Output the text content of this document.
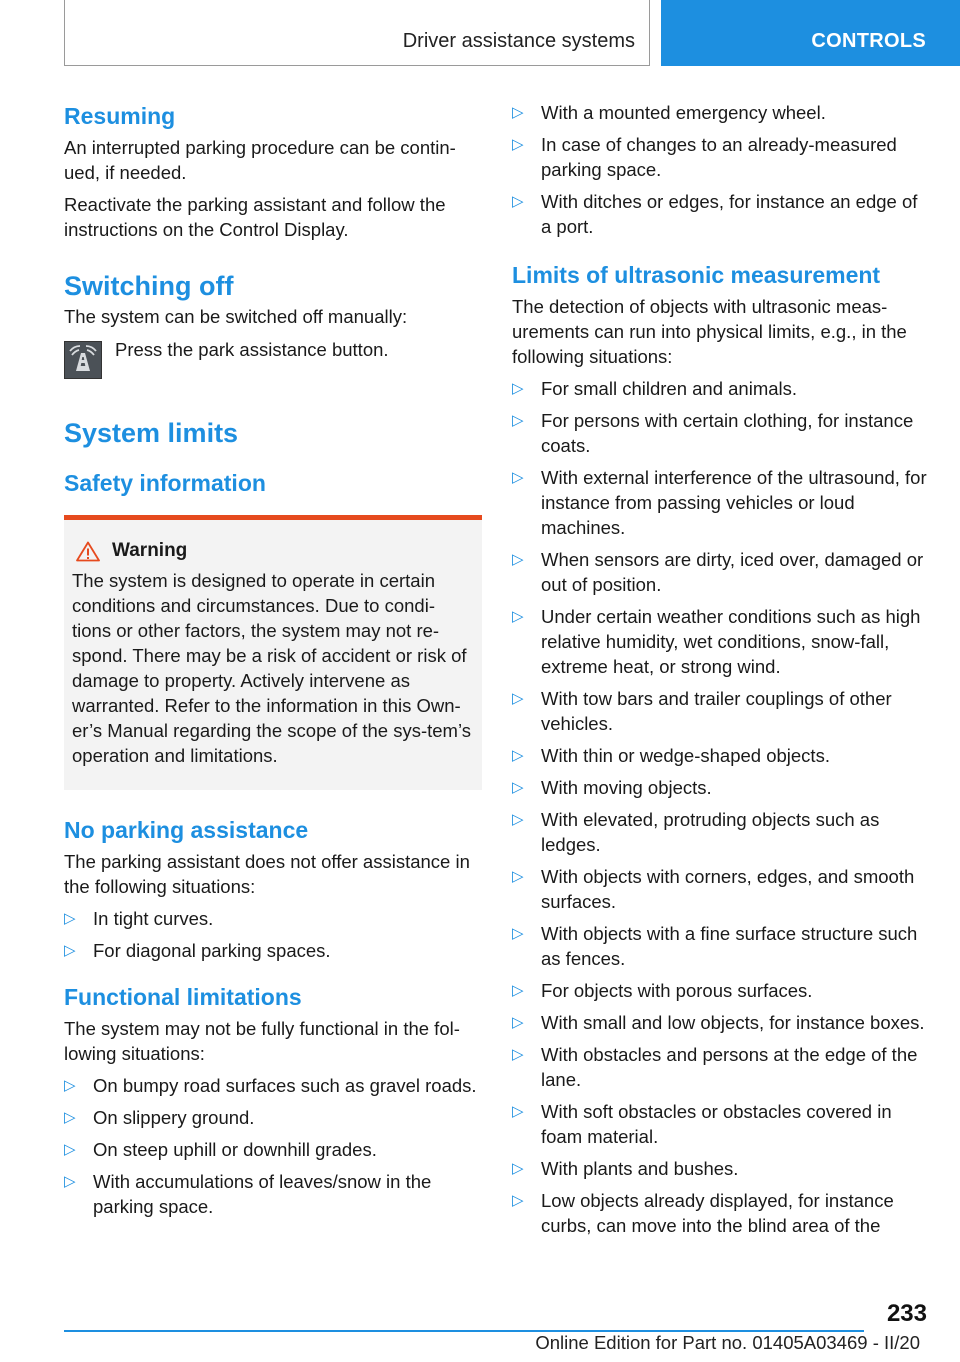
Driver assistance systems	CONTROLS
Resuming

An interrupted parking procedure can be contin‐ued, if needed.

Reactivate the parking assistant and follow the instructions on the Control Display.

Switching off

The system can be switched off manually:

Press the park assistance button.

System limits
Safety information
Warning

The system is designed to operate in certain conditions and circumstances. Due to condi‐tions or other factors, the system may not re‐spond. There may be a risk of accident or risk of damage to property. Actively intervene as warranted. Refer to the information in this Own‐er’s Manual regarding the scope of the sys‐tem’s operation and limitations.

No parking assistance

The parking assistant does not offer assistance in the following situations:

▷ In tight curves.
▷ For diagonal parking spaces.
Functional limitations

The system may not be fully functional in the fol‐lowing situations:

▷ On bumpy road surfaces such as gravel roads.
▷ On slippery ground.
▷ On steep uphill or downhill grades.
▷ With accumulations of leaves/snow in the parking space.
▷ With a mounted emergency wheel.
▷ In case of changes to an already-measured parking space.
▷ With ditches or edges, for instance an edge of a port.
Limits of ultrasonic measurement

The detection of objects with ultrasonic meas‐urements can run into physical limits, e.g., in the following situations:

▷ For small children and animals.
▷ For persons with certain clothing, for instance coats.
▷ With external interference of the ultrasound, for instance from passing vehicles or loud machines.
▷ When sensors are dirty, iced over, damaged or out of position.
▷ Under certain weather conditions such as high relative humidity, wet conditions, snow‐fall, extreme heat, or strong wind.
▷ With tow bars and trailer couplings of other vehicles.
▷ With thin or wedge-shaped objects.
▷ With moving objects.
▷ With elevated, protruding objects such as ledges.
▷ With objects with corners, edges, and smooth surfaces.
▷ With objects with a fine surface structure such as fences.
▷ For objects with porous surfaces.
▷ With small and low objects, for instance boxes.
▷ With obstacles and persons at the edge of the lane.
▷ With soft obstacles or obstacles covered in foam material.
▷ With plants and bushes.
▷ Low objects already displayed, for instance curbs, can move into the blind area of the
233
Online Edition for Part no. 01405A03469 - II/20
